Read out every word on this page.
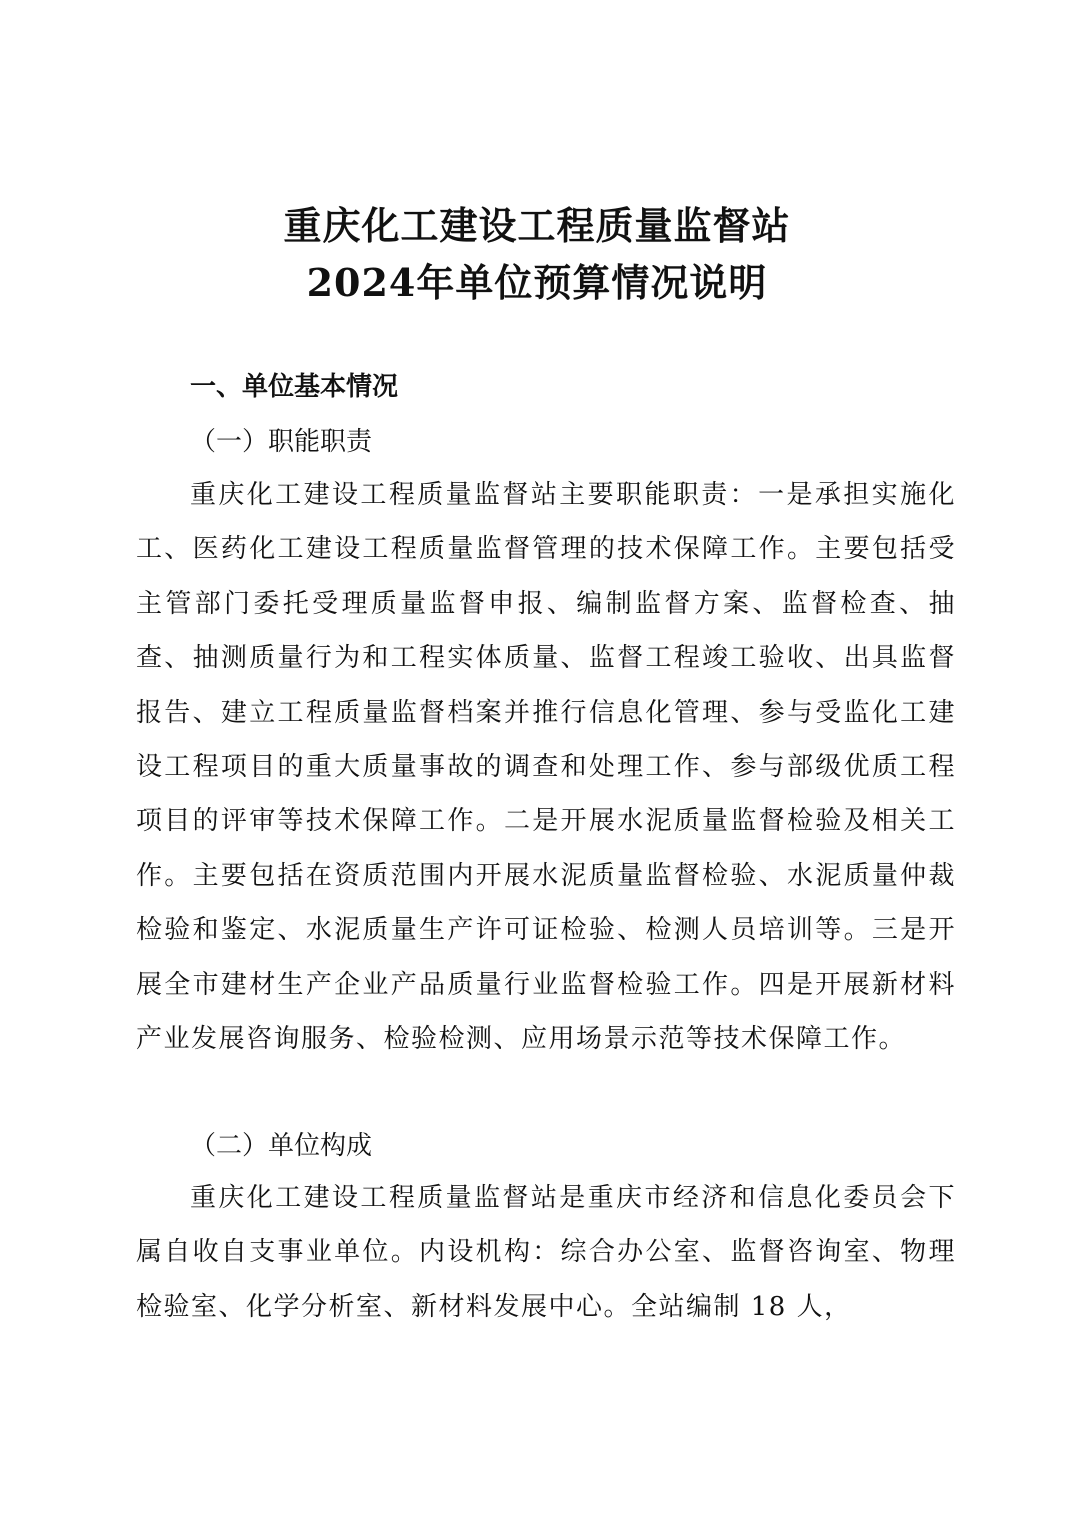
重庆化工建设工程质量监督站
2024年单位预算情况说明
一、单位基本情况
（一）职能职责

重庆化工建设工程质量监督站主要职能职责：一是承担实施化工、医药化工建设工程质量监督管理的技术保障工作。主要包括受主管部门委托受理质量监督申报、编制监督方案、监督检查、抽查、抽测质量行为和工程实体质量、监督工程竣工验收、出具监督报告、建立工程质量监督档案并推行信息化管理、参与受监化工建设工程项目的重大质量事故的调查和处理工作、参与部级优质工程项目的评审等技术保障工作。二是开展水泥质量监督检验及相关工作。主要包括在资质范围内开展水泥质量监督检验、水泥质量仲裁检验和鉴定、水泥质量生产许可证检验、检测人员培训等。三是开展全市建材生产企业产品质量行业监督检验工作。四是开展新材料产业发展咨询服务、检验检测、应用场景示范等技术保障工作。

（二）单位构成

重庆化工建设工程质量监督站是重庆市经济和信息化委员会下属自收自支事业单位。内设机构：综合办公室、监督咨询室、物理检验室、化学分析室、新材料发展中心。全站编制 18 人，
